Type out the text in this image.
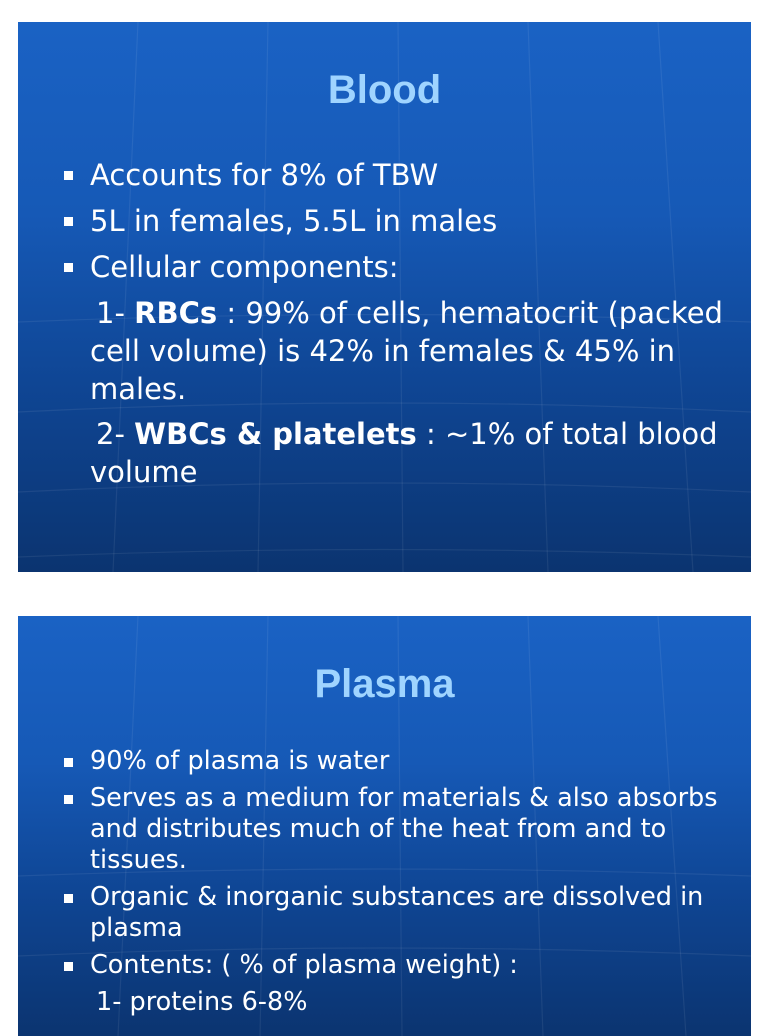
Blood
Accounts for 8% of TBW
5L in females, 5.5L in males
Cellular components:
1- RBCs : 99% of cells, hematocrit (packed cell volume) is 42% in females & 45% in males.
2- WBCs & platelets : ~1% of total blood volume
Plasma
90% of plasma is water
Serves as a medium for materials & also absorbs and distributes much of the heat from and to tissues.
Organic & inorganic substances are dissolved in plasma
Contents: ( % of plasma weight) :
1- proteins 6-8%
